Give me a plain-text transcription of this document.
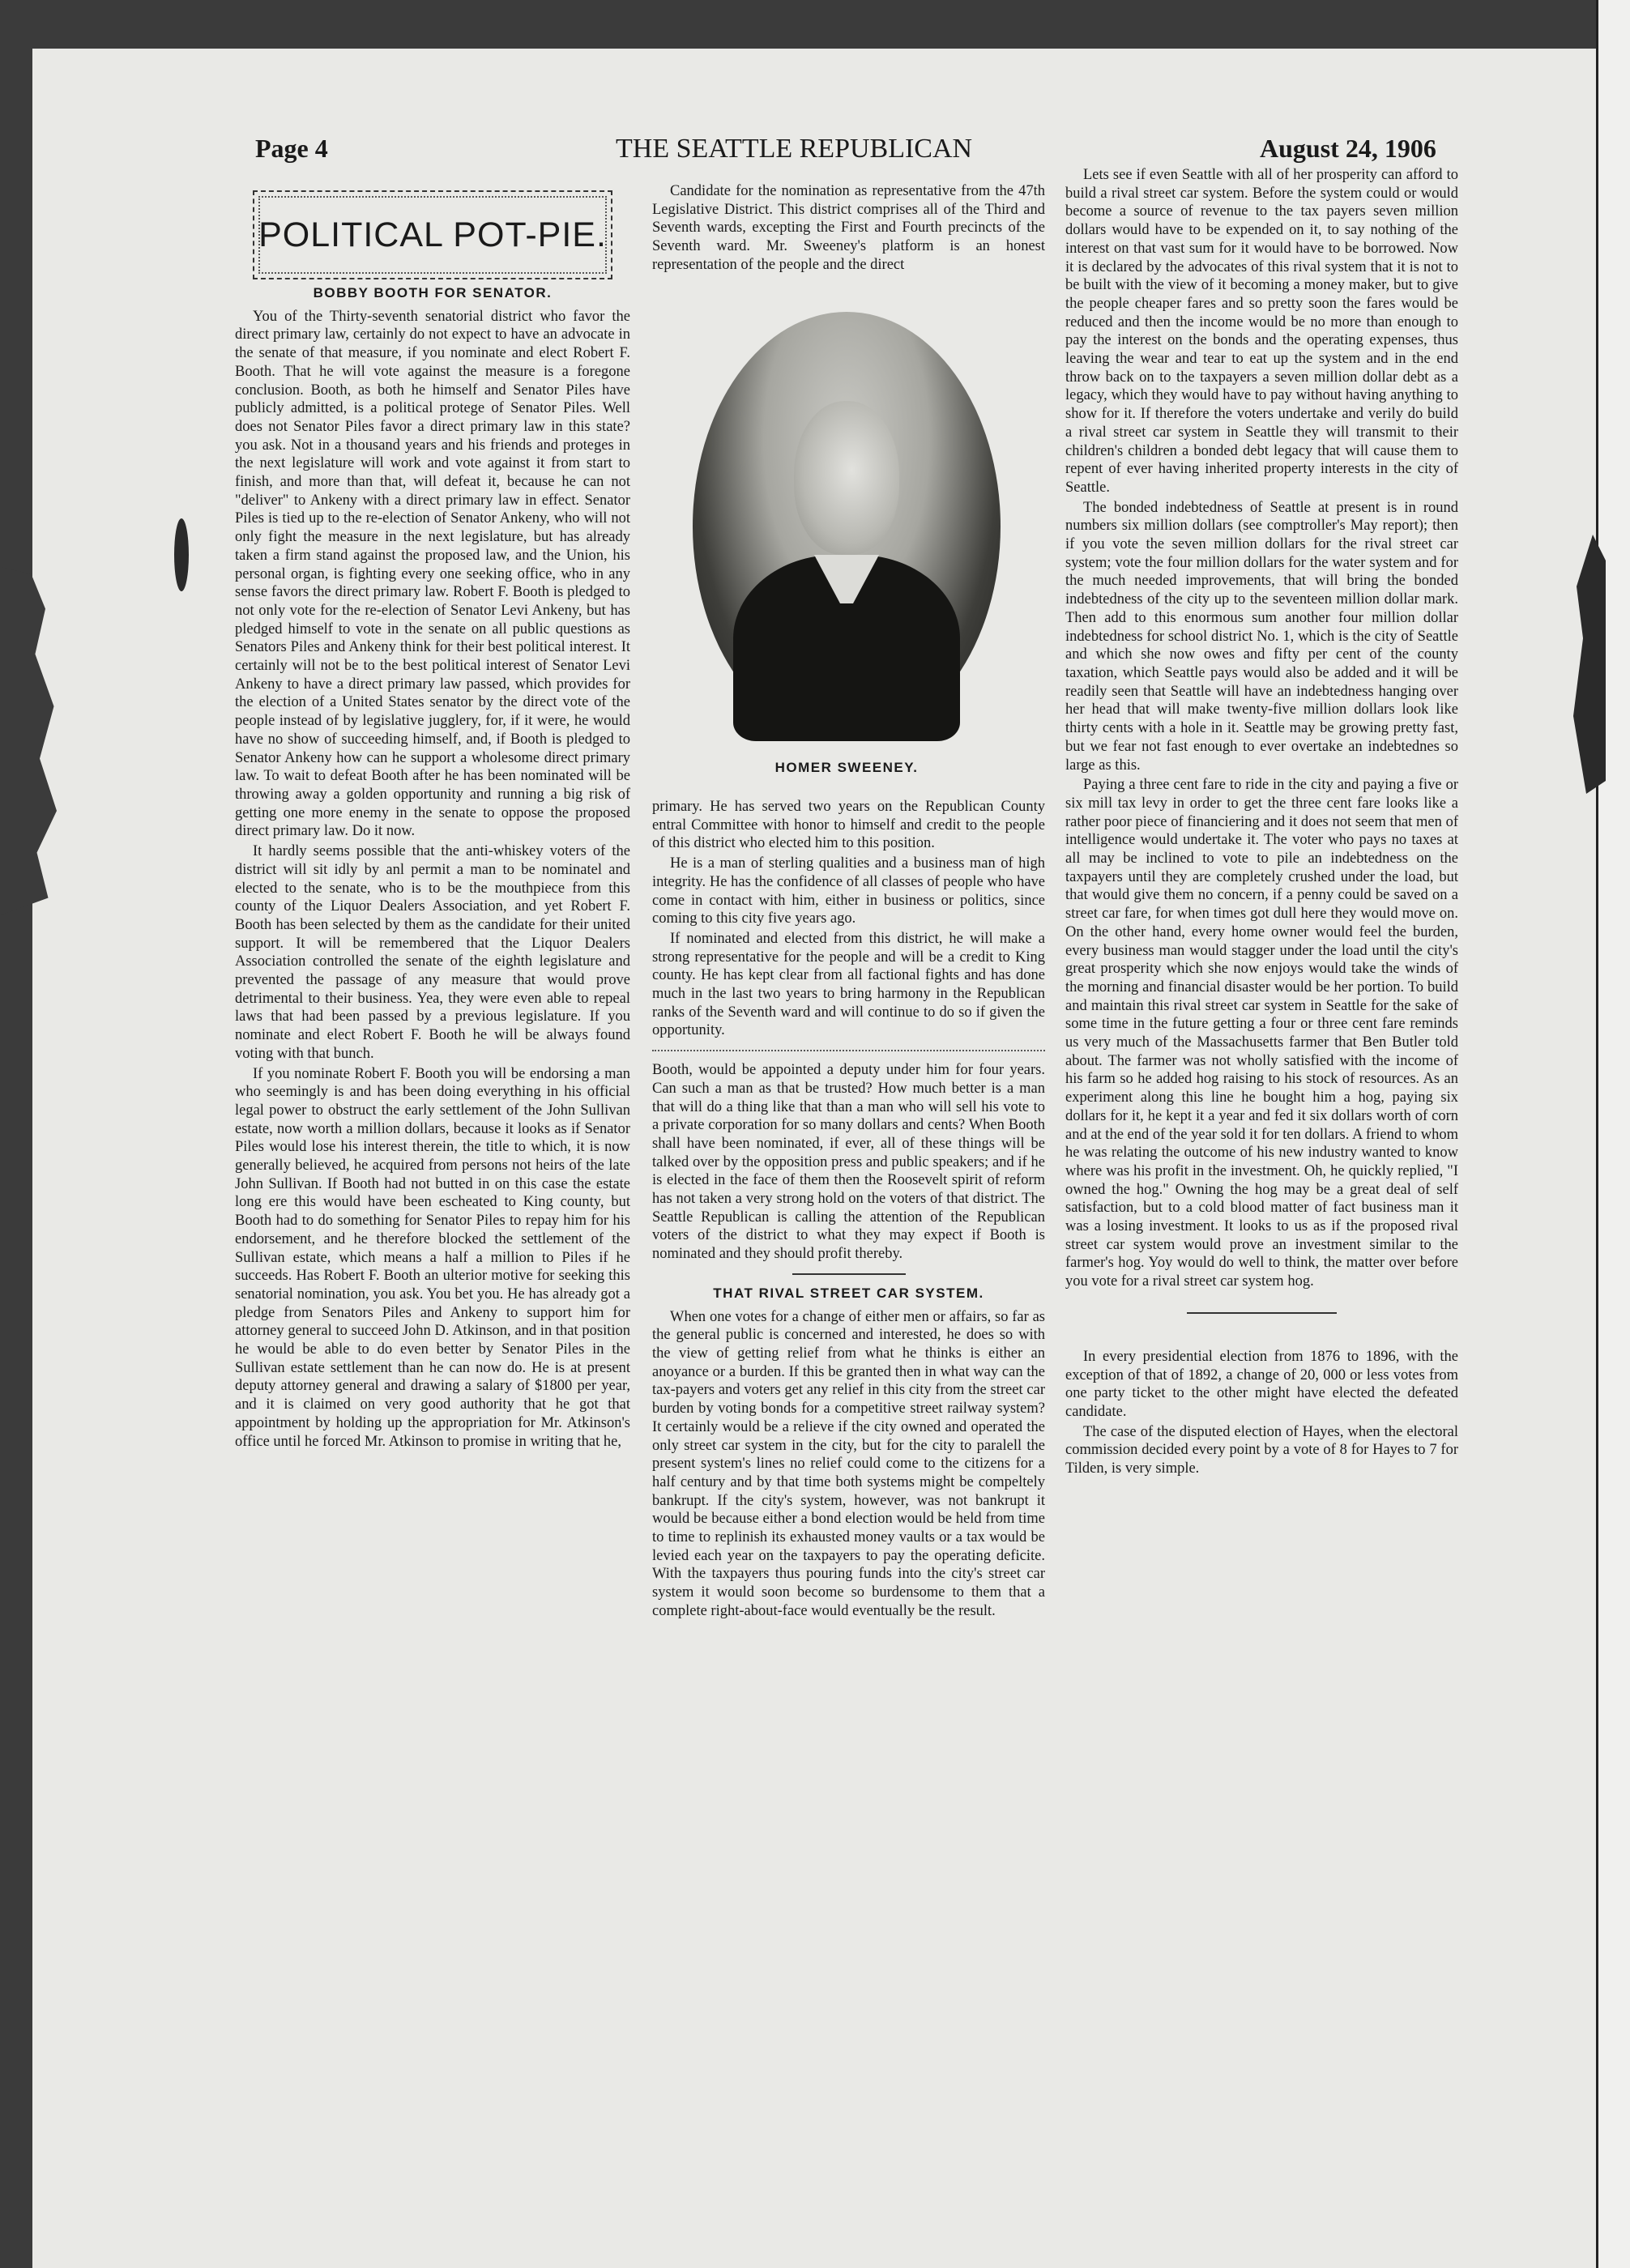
Page 4	THE SEATTLE REPUBLICAN	August 24, 1906
POLITICAL POT-PIE.
BOBBY BOOTH FOR SENATOR.

You of the Thirty-seventh senatorial district who favor the direct primary law, certainly do not expect to have an advocate in the senate of that measure, if you nominate and elect Robert F. Booth. That he will vote against the measure is a foregone conclusion. Booth, as both he himself and Senator Piles have publicly admitted, is a political protege of Senator Piles. Well does not Senator Piles favor a direct primary law in this state? you ask. Not in a thousand years and his friends and proteges in the next legislature will work and vote against it from start to finish, and more than that, will defeat it, because he can not "deliver" to Ankeny with a direct primary law in effect. Senator Piles is tied up to the re-election of Senator Ankeny, who will not only fight the measure in the next legislature, but has already taken a firm stand against the proposed law, and the Union, his personal organ, is fighting every one seeking office, who in any sense favors the direct primary law. Robert F. Booth is pledged to not only vote for the re-election of Senator Levi Ankeny, but has pledged himself to vote in the senate on all public questions as Senators Piles and Ankeny think for their best political interest. It certainly will not be to the best political interest of Senator Levi Ankeny to have a direct primary law passed, which provides for the election of a United States senator by the direct vote of the people instead of by legislative jugglery, for, if it were, he would have no show of succeeding himself, and, if Booth is pledged to Senator Ankeny how can he support a wholesome direct primary law. To wait to defeat Booth after he has been nominated will be throwing away a golden opportunity and running a big risk of getting one more enemy in the senate to oppose the proposed direct primary law. Do it now.

It hardly seems possible that the anti-whiskey voters of the district will sit idly by anl permit a man to be nominatel and elected to the senate, who is to be the mouthpiece from this county of the Liquor Dealers Association, and yet Robert F. Booth has been selected by them as the candidate for their united support. It will be remembered that the Liquor Dealers Association controlled the senate of the eighth legislature and prevented the passage of any measure that would prove detrimental to their business. Yea, they were even able to repeal laws that had been passed by a previous legislature. If you nominate and elect Robert F. Booth he will be always found voting with that bunch.

If you nominate Robert F. Booth you will be endorsing a man who seemingly is and has been doing everything in his official legal power to obstruct the early settlement of the John Sullivan estate, now worth a million dollars, because it looks as if Senator Piles would lose his interest therein, the title to which, it is now generally believed, he acquired from persons not heirs of the late John Sullivan. If Booth had not butted in on this case the estate long ere this would have been escheated to King county, but Booth had to do something for Senator Piles to repay him for his endorsement, and he therefore blocked the settlement of the Sullivan estate, which means a half a million to Piles if he succeeds. Has Robert F. Booth an ulterior motive for seeking this senatorial nomination, you ask. You bet you. He has already got a pledge from Senators Piles and Ankeny to support him for attorney general to succeed John D. Atkinson, and in that position he would be able to do even better by Senator Piles in the Sullivan estate settlement than he can now do. He is at present deputy attorney general and drawing a salary of $1800 per year, and it is claimed on very good authority that he got that appointment by holding up the appropriation for Mr. Atkinson's office until he forced Mr. Atkinson to promise in writing that he,

Candidate for the nomination as representative from the 47th Legislative District. This district comprises all of the Third and Seventh wards, excepting the First and Fourth precincts of the Seventh ward. Mr. Sweeney's platform is an honest representation of the people and the direct

HOMER SWEENEY.

primary. He has served two years on the Republican County entral Committee with honor to himself and credit to the people of this district who elected him to this position.

He is a man of sterling qualities and a business man of high integrity. He has the confidence of all classes of people who have come in contact with him, either in business or politics, since coming to this city five years ago.

If nominated and elected from this district, he will make a strong representative for the people and will be a credit to King county. He has kept clear from all factional fights and has done much in the last two years to bring harmony in the Republican ranks of the Seventh ward and will continue to do so if given the opportunity.

Booth, would be appointed a deputy under him for four years. Can such a man as that be trusted? How much better is a man that will do a thing like that than a man who will sell his vote to a private corporation for so many dollars and cents? When Booth shall have been nominated, if ever, all of these things will be talked over by the opposition press and public speakers; and if he is elected in the face of them then the Roosevelt spirit of reform has not taken a very strong hold on the voters of that district. The Seattle Republican is calling the attention of the Republican voters of the district to what they may expect if Booth is nominated and they should profit thereby.

THAT RIVAL STREET CAR SYSTEM.

When one votes for a change of either men or affairs, so far as the general public is concerned and interested, he does so with the view of getting relief from what he thinks is either an anoyance or a burden. If this be granted then in what way can the tax-payers and voters get any relief in this city from the street car burden by voting bonds for a competitive street railway system? It certainly would be a relieve if the city owned and operated the only street car system in the city, but for the city to paralell the present system's lines no relief could come to the citizens for a half century and by that time both systems might be compeltely bankrupt. If the city's system, however, was not bankrupt it would be because either a bond election would be held from time to time to replinish its exhausted money vaults or a tax would be levied each year on the taxpayers to pay the operating deficite. With the taxpayers thus pouring funds into the city's street car system it would soon become so burdensome to them that a complete right-about-face would eventually be the result.

Lets see if even Seattle with all of her prosperity can afford to build a rival street car system. Before the system could or would become a source of revenue to the tax payers seven million dollars would have to be expended on it, to say nothing of the interest on that vast sum for it would have to be borrowed. Now it is declared by the advocates of this rival system that it is not to be built with the view of it becoming a money maker, but to give the people cheaper fares and so pretty soon the fares would be reduced and then the income would be no more than enough to pay the interest on the bonds and the operating expenses, thus leaving the wear and tear to eat up the system and in the end throw back on to the taxpayers a seven million dollar debt as a legacy, which they would have to pay without having anything to show for it. If therefore the voters undertake and verily do build a rival street car system in Seattle they will transmit to their children's children a bonded debt legacy that will cause them to repent of ever having inherited property interests in the city of Seattle.

The bonded indebtedness of Seattle at present is in round numbers six million dollars (see comptroller's May report); then if you vote the seven million dollars for the rival street car system; vote the four million dollars for the water system and for the much needed improvements, that will bring the bonded indebtedness of the city up to the seventeen million dollar mark. Then add to this enormous sum another four million dollar indebtedness for school district No. 1, which is the city of Seattle and which she now owes and fifty per cent of the county taxation, which Seattle pays would also be added and it will be readily seen that Seattle will have an indebtedness hanging over her head that will make twenty-five million dollars look like thirty cents with a hole in it. Seattle may be growing pretty fast, but we fear not fast enough to ever overtake an indebtednes so large as this.

Paying a three cent fare to ride in the city and paying a five or six mill tax levy in order to get the three cent fare looks like a rather poor piece of financiering and it does not seem that men of intelligence would undertake it. The voter who pays no taxes at all may be inclined to vote to pile an indebtedness on the taxpayers until they are completely crushed under the load, but that would give them no concern, if a penny could be saved on a street car fare, for when times got dull here they would move on. On the other hand, every home owner would feel the burden, every business man would stagger under the load until the city's great prosperity which she now enjoys would take the winds of the morning and financial disaster would be her portion. To build and maintain this rival street car system in Seattle for the sake of some time in the future getting a four or three cent fare reminds us very much of the Massachusetts farmer that Ben Butler told about. The farmer was not wholly satisfied with the income of his farm so he added hog raising to his stock of resources. As an experiment along this line he bought him a hog, paying six dollars for it, he kept it a year and fed it six dollars worth of corn and at the end of the year sold it for ten dollars. A friend to whom he was relating the outcome of his new industry wanted to know where was his profit in the investment. Oh, he quickly replied, "I owned the hog." Owning the hog may be a great deal of self satisfaction, but to a cold blood matter of fact business man it was a losing investment. It looks to us as if the proposed rival street car system would prove an investment similar to the farmer's hog. Yoy would do well to think, the matter over before you vote for a rival street car system hog.

In every presidential election from 1876 to 1896, with the exception of that of 1892, a change of 20, 000 or less votes from one party ticket to the other might have elected the defeated candidate.

The case of the disputed election of Hayes, when the electoral commission decided every point by a vote of 8 for Hayes to 7 for Tilden, is very simple.
